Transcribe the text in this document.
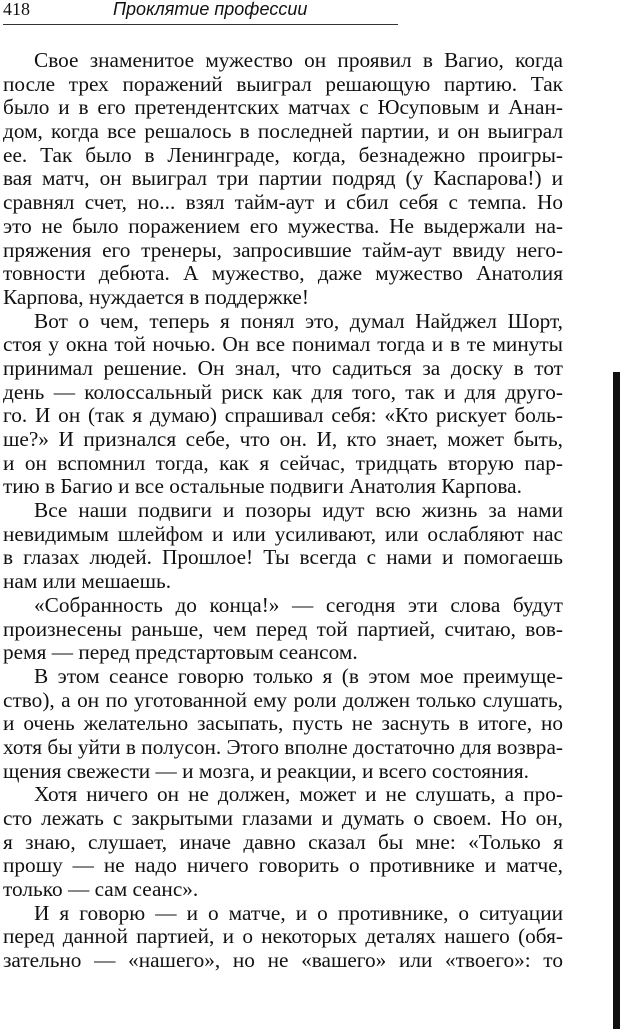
418	Проклятие профессии
Свое знаменитое мужество он проявил в Вагио, когда
после трех поражений выиграл решающую партию. Так
было и в его претендентских матчах с Юсуповым и Анан-
дом, когда все решалось в последней партии, и он выиграл
ее. Так было в Ленинграде, когда, безнадежно проигры-
вая матч, он выиграл три партии подряд (у Каспарова!) и
сравнял счет, но... взял тайм-аут и сбил себя с темпа. Но
это не было поражением его мужества. Не выдержали на-
пряжения его тренеры, запросившие тайм-аут ввиду него-
товности дебюта. А мужество, даже мужество Анатолия
Карпова, нуждается в поддержке!
Вот о чем, теперь я понял это, думал Найджел Шорт,
стоя у окна той ночью. Он все понимал тогда и в те минуты
принимал решение. Он знал, что садиться за доску в тот
день — колоссальный риск как для того, так и для друго-
го. И он (так я думаю) спрашивал себя: «Кто рискует боль-
ше?» И признался себе, что он. И, кто знает, может быть,
и он вспомнил тогда, как я сейчас, тридцать вторую пар-
тию в Багио и все остальные подвиги Анатолия Карпова.
Все наши подвиги и позоры идут всю жизнь за нами
невидимым шлейфом и или усиливают, или ослабляют нас
в глазах людей. Прошлое! Ты всегда с нами и помогаешь
нам или мешаешь.
«Собранность до конца!» — сегодня эти слова будут
произнесены раньше, чем перед той партией, считаю, вов-
ремя — перед предстартовым сеансом.
В этом сеансе говорю только я (в этом мое преимуще-
ство), а он по уготованной ему роли должен только слушать,
и очень желательно засыпать, пусть не заснуть в итоге, но
хотя бы уйти в полусон. Этого вполне достаточно для возвра-
щения свежести — и мозга, и реакции, и всего состояния.
Хотя ничего он не должен, может и не слушать, а про-
сто лежать с закрытыми глазами и думать о своем. Но он,
я знаю, слушает, иначе давно сказал бы мне: «Только я
прошу — не надо ничего говорить о противнике и матче,
только — сам сеанс».
И я говорю — и о матче, и о противнике, о ситуации
перед данной партией, и о некоторых деталях нашего (обя-
зательно — «нашего», но не «вашего» или «твоего»: то
